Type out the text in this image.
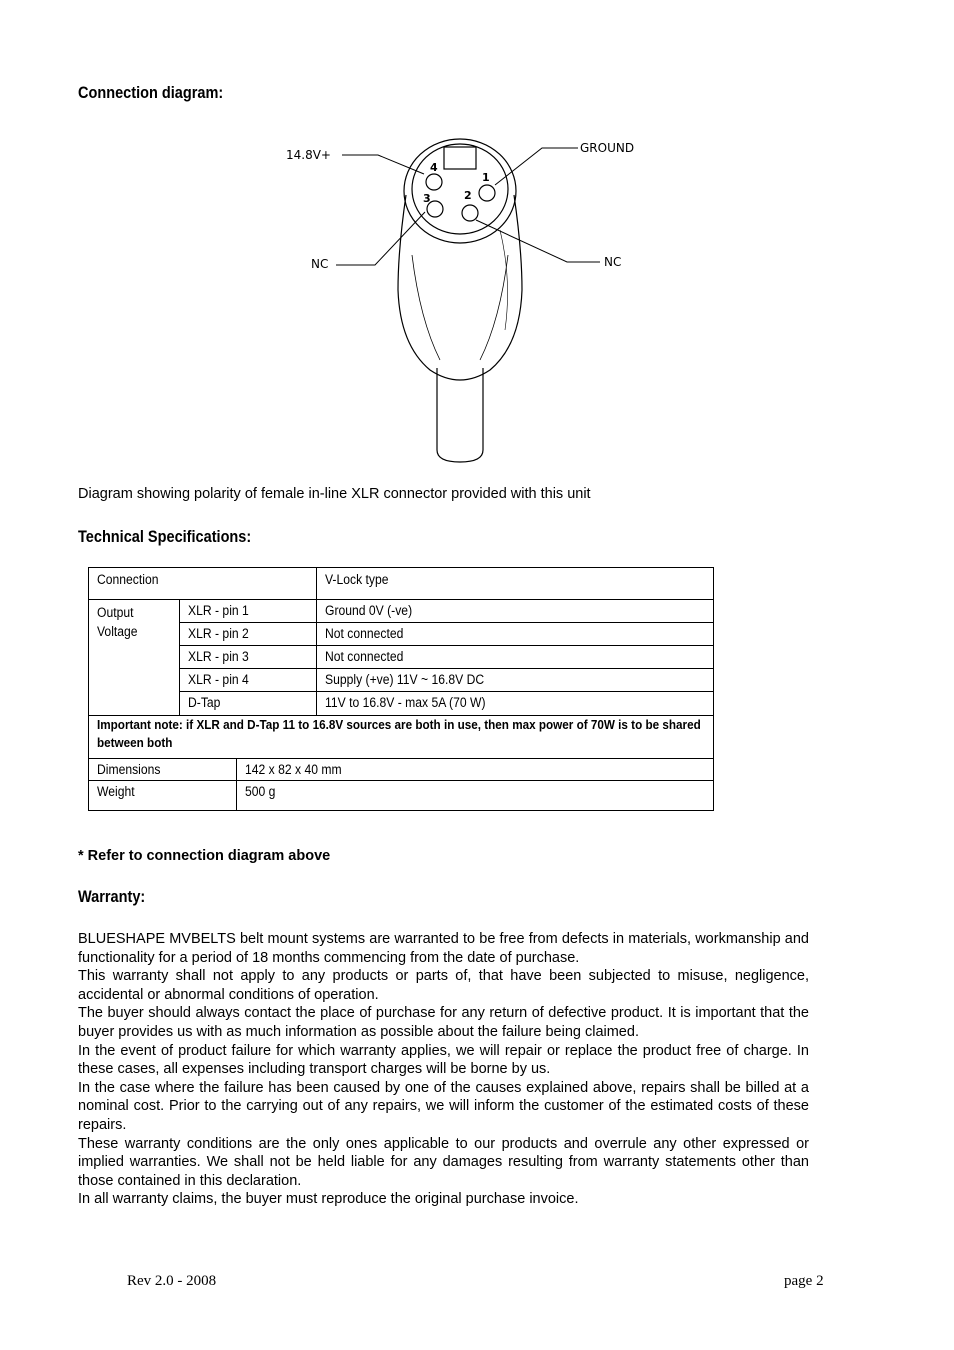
Connection diagram:
14.8V+	GROUND
NC	NC
1
2
3
4
Diagram showing polarity of female in-line XLR connector provided with this unit
Technical Specifications:
Connection			V-Lock type
Output Voltage	XLR - pin 1		Ground 0V (-ve)
	XLR - pin 2		Not connected
	XLR - pin 3		Not connected
	XLR - pin 4		Supply (+ve) 11V ~ 16.8V DC
	D-Tap		11V to 16.8V - max 5A (70 W)
Important note: if XLR and D-Tap 11 to 16.8V sources are both in use, then max power of 70W is to be shared between both			
Dimensions		142 x 82 x 40 mm	
Weight		500 g	
* Refer to connection diagram above
Warranty:

BLUESHAPE MVBELTS belt mount systems are warranted to be free from defects in materials, workmanship and functionality for a period of 18 months commencing from the date of purchase.

This warranty shall not apply to any products or parts of, that have been subjected to misuse, negligence, accidental or abnormal conditions of operation.

The buyer should always contact the place of purchase for any return of defective product. It is important that the buyer provides us with as much information as possible about the failure being claimed.

In the event of product failure for which warranty applies, we will repair or replace the product free of charge. In these cases, all expenses including transport charges will be borne by us.

In the case where the failure has been caused by one of the causes explained above, repairs shall be billed at a nominal cost. Prior to the carrying out of any repairs, we will inform the customer of the estimated costs of these repairs.

These warranty conditions are the only ones applicable to our products and overrule any other expressed or implied warranties. We shall not be held liable for any damages resulting from warranty statements other than those contained in this declaration.

In all warranty claims, the buyer must reproduce the original purchase invoice.

Rev 2.0 - 2008	page 2
